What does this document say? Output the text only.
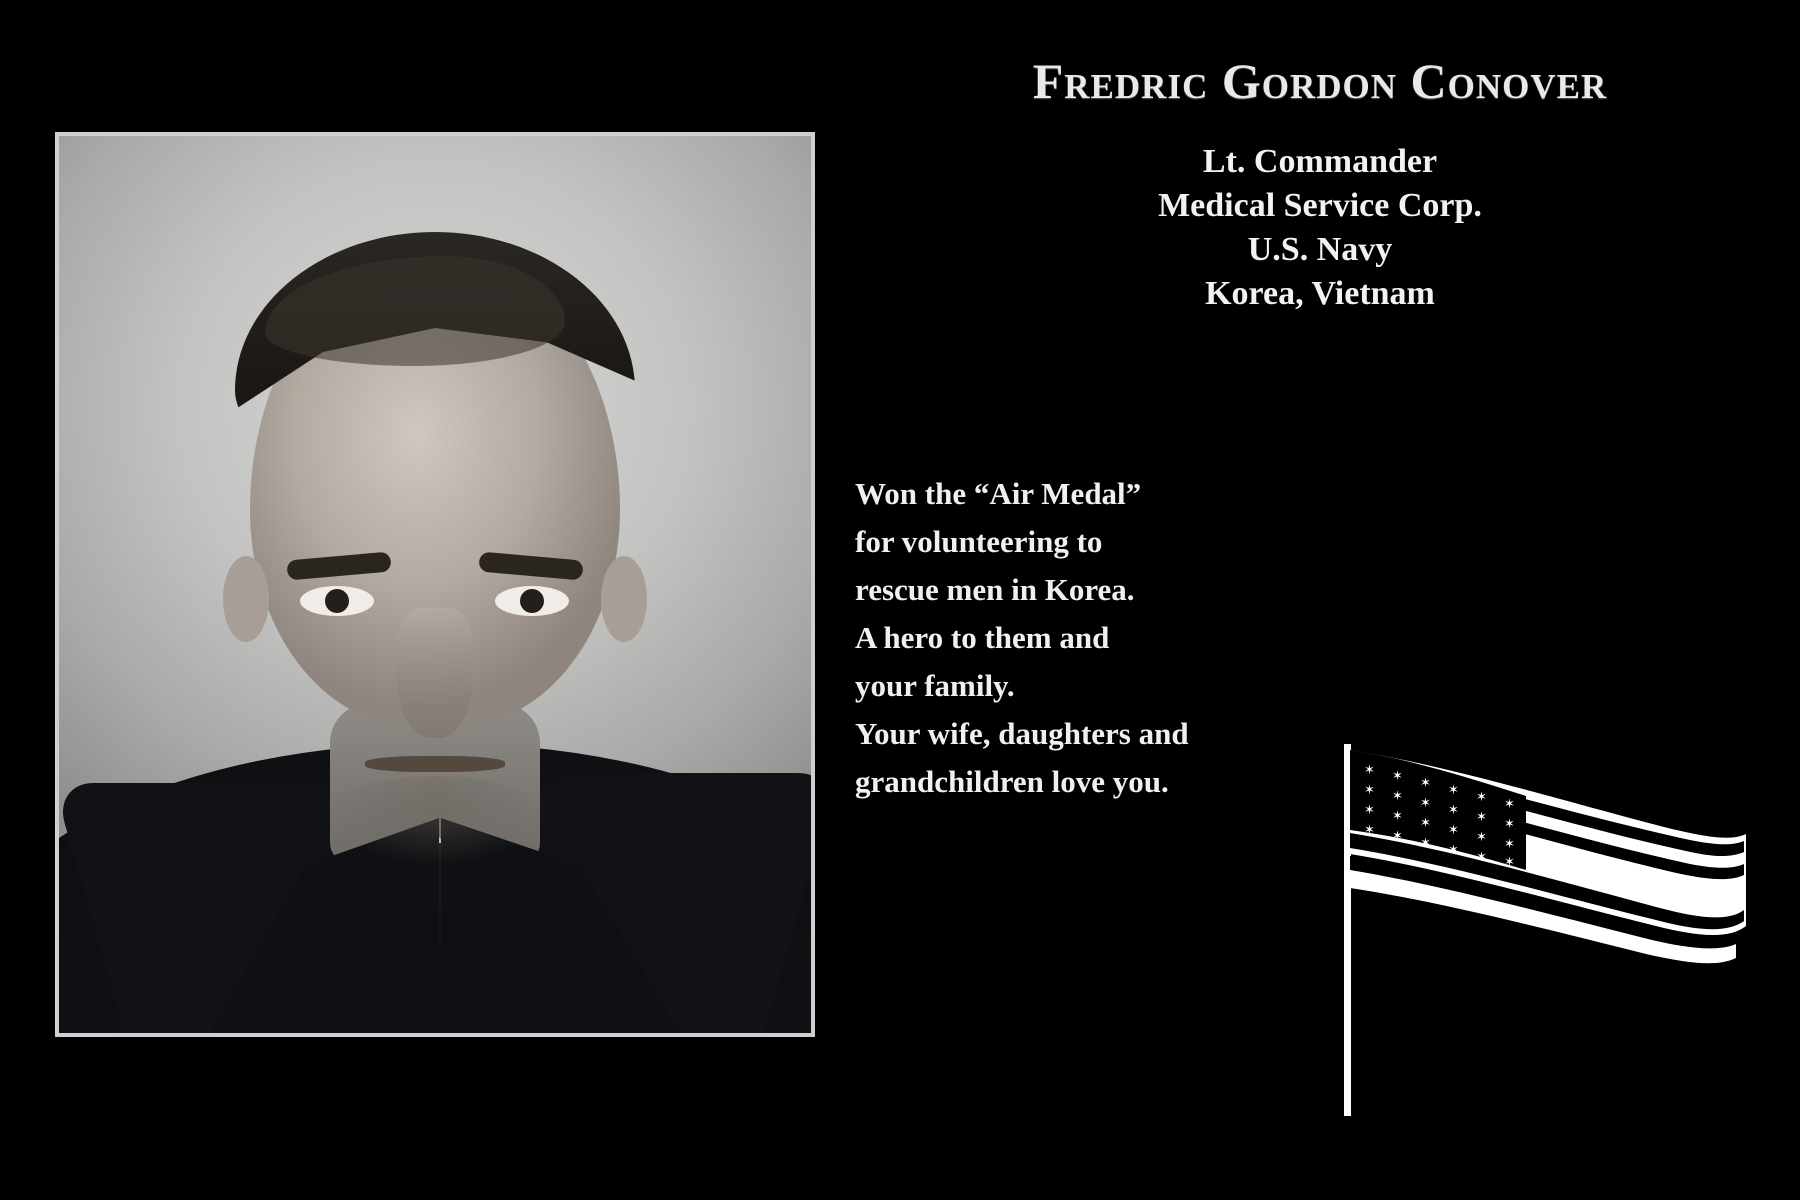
Fredric Gordon Conover
Lt. Commander
Medical Service Corp.
U.S. Navy
Korea, Vietnam
Won the “Air Medal”
for volunteering to
rescue men in Korea.
A hero to them and
your family.
Your wife, daughters and
grandchildren love you.	✶ ✶ ✶ ✶ ✶ ✶
✶ ✶ ✶ ✶ ✶ ✶
✶ ✶ ✶ ✶ ✶ ✶
✶ ✶ ✶ ✶ ✶ ✶
